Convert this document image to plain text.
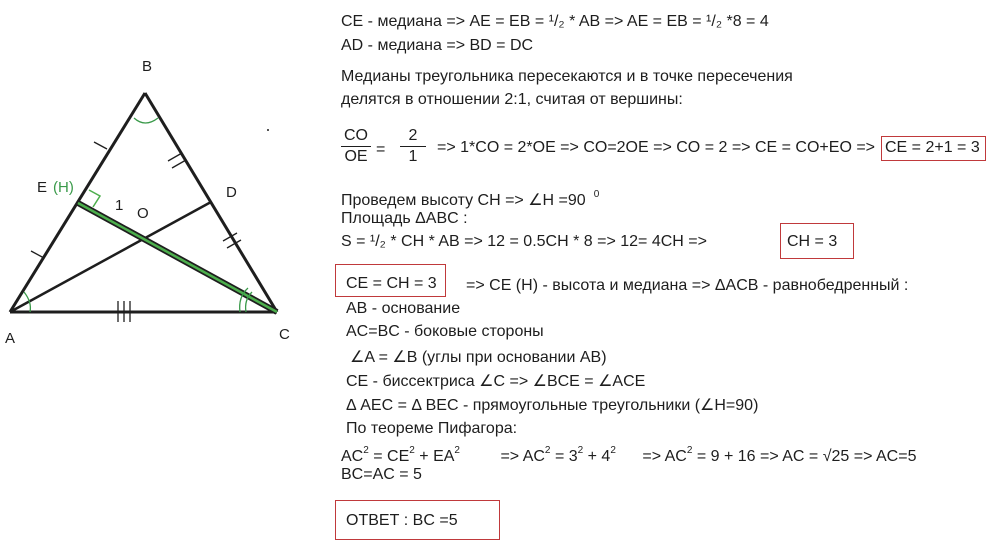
B
A	C
D
O
1
E (H)
CE - медиана => AE = EB = ¹/₂ * AB => AE = EB = ¹/₂ *8 = 4
AD - медиана => BD = DC
Медианы треугольника пересекаются и в точке пересечения
делятся в отношении 2:1, считая от вершины:
$\frac{CO}{OE} = \frac{2}{1} => 1*CO = 2*OE => CO=2OE$ => CO = 2 => CE = CO+EO => CE = 2+1 = 3
Проведем высоту CH => ∠H =90 $^0$
Площадь ΔABC :
S = ¹/₂ * CH * AB => 12 = 0.5CH * 8 => 12= 4CH =>	CH = 3
CE = CH = 3 => CE (H) - высота и медиана => ΔACB - равнобедренный :
AB - основание
AC=BC - боковые стороны
∠A = ∠B (углы при основании AB)
CE - биссектриса ∠C => ∠BCE = ∠ACE
Δ AEC = Δ BEC - прямоугольные треугольники (∠H=90)
По теореме Пифагора:
$AC^2 = CE^2 + EA^2$	=> $AC^2 = 3^2 + 4^2 => AC^2 = 9 + 16$ => AC = √25 => AC=5
BC=AC = 5
ОТВЕТ : BC =5
